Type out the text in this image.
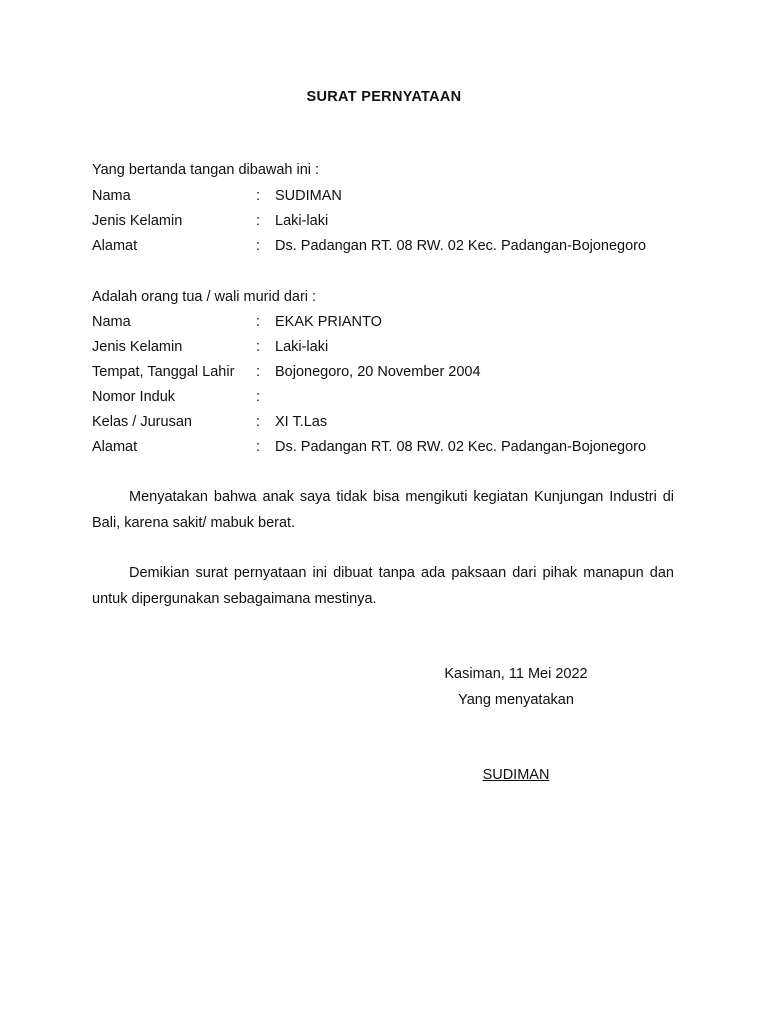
SURAT PERNYATAAN
Yang bertanda tangan dibawah ini :
Nama	: SUDIMAN
Jenis Kelamin	: Laki-laki
Alamat	: Ds. Padangan RT. 08 RW. 02 Kec. Padangan-Bojonegoro
Adalah orang tua / wali murid dari :
Nama	: EKAK PRIANTO
Jenis Kelamin	: Laki-laki
Tempat, Tanggal Lahir : Bojonegoro, 20 November 2004
Nomor Induk	:
Kelas / Jurusan	: XI T.Las
Alamat	: Ds. Padangan RT. 08 RW. 02 Kec. Padangan-Bojonegoro
Menyatakan bahwa anak saya tidak bisa mengikuti kegiatan Kunjungan Industri di Bali, karena sakit/ mabuk berat.
Demikian surat pernyataan ini dibuat tanpa ada paksaan dari pihak manapun dan untuk dipergunakan sebagaimana mestinya.
Kasiman, 11 Mei 2022
Yang menyatakan
SUDIMAN
